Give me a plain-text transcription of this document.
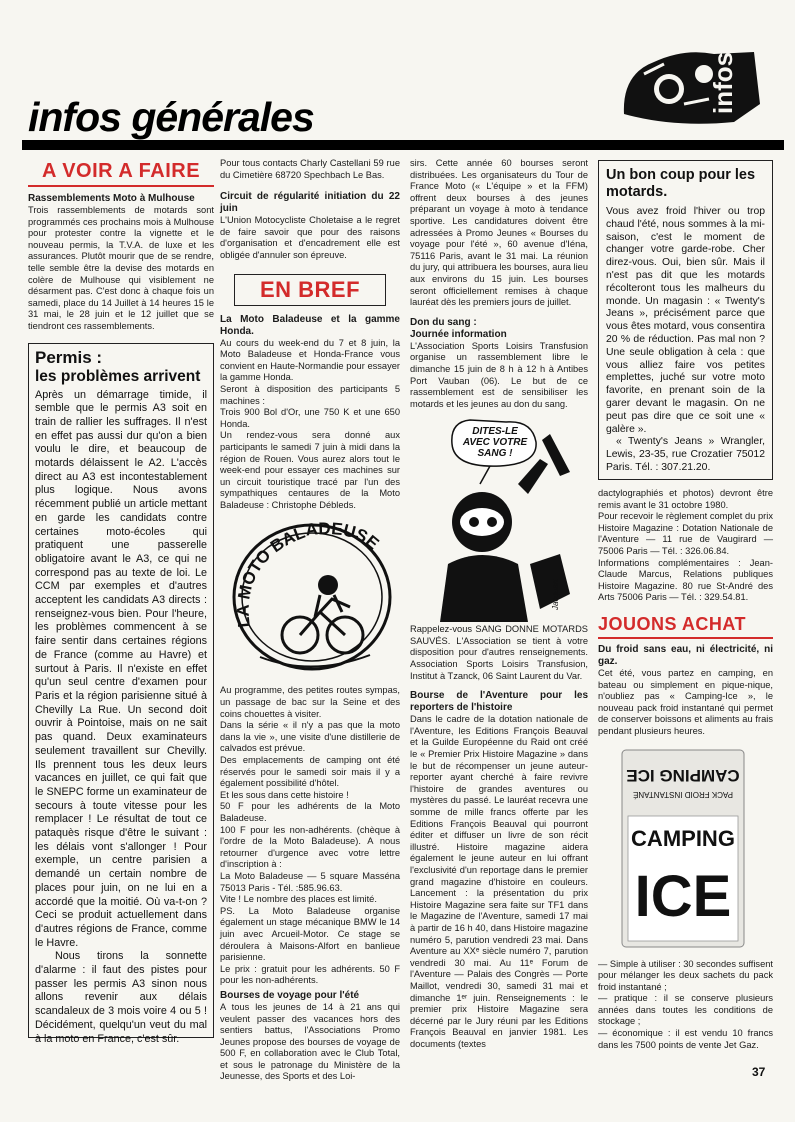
infos générales
infos
A VOIR A FAIRE
Rassemblements Moto à Mulhouse

Trois rassemblements de motards sont programmés ces prochains mois à Mulhouse pour protester contre la vignette et le nouveau permis, la T.V.A. de luxe et les assurances. Plutôt mourir que de se rendre, telle semble être la devise des motards en colère de Mulhouse qui visiblement ne désarment pas. C'est donc à chaque fois un samedi, place du 14 Juillet à 14 heures 15 le 31 mai, le 28 juin et le 12 juillet que se tiendront ces rassemblements.

Permis :
les problèmes arrivent

Après un démarrage timide, il semble que le permis A3 soit en train de rallier les suffrages. Il n'est en effet pas aussi dur qu'on a bien voulu le dire, et beaucoup de motards délaissent le A2. L'accès direct au A3 est incontestablement plus logique. Nous avons récemment publié un article mettant en garde les candidats contre certaines moto-écoles qui pratiquent une passerelle obligatoire avant le A3, ce qui ne correspond pas au texte de loi. Le CCM par exemples et d'autres acceptent les candidats A3 directs : renseignez-vous bien. Pour l'heure, les problèmes commencent à se faire sentir dans certaines régions de France (comme au Havre) et surtout à Paris. Il n'existe en effet qu'un seul centre d'examen pour Paris et la région parisienne situé à Chevilly La Rue. Un second doit ouvrir à Pointoise, mais on ne sait pas quand. Deux examinateurs seulement travaillent sur Chevilly. Ils prennent tous les deux leurs vacances en juillet, ce qui fait que le SNEPC forme un examinateur de secours à toute vitesse pour les remplacer ! Le résultat de tout ce pataquès risque d'être le suivant : les délais vont s'allonger ! Pour exemple, un centre parisien a demandé un certain nombre de places pour juin, on ne lui en a accordé que la moitié. Où va-t-on ? Ceci se produit actuellement dans d'autres régions de France, comme le Havre.

Nous tirons la sonnette d'alarme : il faut des pistes pour passer les permis A3 sinon nous allons revenir aux délais scandaleux de 3 mois voire 4 ou 5 ! Décidément, quelqu'un veut du mal à la moto en France, c'est sûr.

Pour tous contacts Charly Castellani 59 rue du Cimetière 68720 Spechbach Le Bas.

Circuit de régularité initiation du 22 juin

L'Union Motocycliste Choletaise a le regret de faire savoir que pour des raisons d'organisation et d'encadrement elle est obligée d'annuler son épreuve.

EN BREF
La Moto Baladeuse et la gamme Honda.

Au cours du week-end du 7 et 8 juin, la Moto Baladeuse et Honda-France vous convient en Haute-Normandie pour essayer la gamme Honda.

Seront à disposition des participants 5 machines :

Trois 900 Bol d'Or, une 750 K et une 650 Honda.

Un rendez-vous sera donné aux participants le samedi 7 juin à midi dans la région de Rouen. Vous aurez alors tout le week-end pour essayer ces machines sur un circuit touristique tracé par l'un des sympathiques centaures de la Moto Baladeuse : Christophe Débleds.

LA MOTO BALADEUSE

Au programme, des petites routes sympas, un passage de bac sur la Seine et des coins chouettes à visiter.

Dans la série « il n'y a pas que la moto dans la vie », une visite d'une distillerie de calvados est prévue.

Des emplacements de camping ont été réservés pour le samedi soir mais il y a également possibilité d'hôtel.

Et les sous dans cette histoire !

50 F pour les adhérents de la Moto Baladeuse.

100 F pour les non-adhérents. (chèque à l'ordre de la Moto Baladeuse). A nous retourner d'urgence avec votre lettre d'inscription à :

La Moto Baladeuse — 5 square Masséna 75013 Paris - Tél. :585.96.63.

Vite ! Le nombre des places est limité.

PS. La Moto Baladeuse organise également un stage mécanique BMW le 14 juin avec Arcueil-Motor. Ce stage se déroulera à Maisons-Alfort en banlieue parisienne.

Le prix : gratuit pour les adhérents. 50 F pour les non-adhérents.

Bourses de voyage pour l'été

A tous les jeunes de 14 à 21 ans qui veulent passer des vacances hors des sentiers battus, l'Associations Promo Jeunes propose des bourses de voyage de 500 F, en collaboration avec le Club Total, et sous le patronage du Ministère de la Jeunesse, des Sports et des Loi-

sirs. Cette année 60 bourses seront distribuées. Les organisateurs du Tour de France Moto (« L'équipe » et la FFM) offrent deux bourses à des jeunes préparant un voyage à moto à tendance sportive. Les candidatures doivent être adressées à Promo Jeunes « Bourses du voyage pour l'été », 60 avenue d'Iéna, 75116 Paris, avant le 31 mai. La réunion du jury, qui attribuera les bourses, aura lieu aux environs du 15 juin. Les bourses seront officiellement remises à chaque lauréat dès les premiers jours de juillet.

Don du sang :
Journée information

L'Association Sports Loisirs Transfusion organise un rassemblement libre le dimanche 15 juin de 8 h à 12 h à Antibes Port Vauban (06). Le but de ce rassemblement est de sensibiliser les motards et les jeunes au don du sang.

DITES-LE AVEC VOTRE SANG !
Jacquart

Rappelez-vous SANG DONNE MOTARDS SAUVÉS. L'Association se tient à votre disposition pour d'autres renseignements. Association Sports Loisirs Transfusion, Institut à Tzanck, 06 Saint Laurent du Var.

Bourse de l'Aventure pour les reporters de l'histoire

Dans le cadre de la dotation nationale de l'Aventure, les Editions François Beauval et la Guilde Européenne du Raid ont créé le « Premier Prix Histoire Magazine » dans le but de récompenser un jeune auteur-reporter ayant cherché à faire revivre l'histoire de grandes aventures ou mystères du passé. Le lauréat recevra une somme de mille francs offerte par les Editions François Beauval qui pourront éditer et diffuser un livre de son récit illustré. Histoire magazine aidera également le jeune auteur en lui offrant l'exclusivité d'un reportage dans le premier grand magazine d'histoire en couleurs. Lancement : la présentation du prix Histoire Magazine sera faite sur TF1 dans le Magazine de l'Aventure, samedi 17 mai à partir de 16 h 40, dans Histoire magazine numéro 5, parution vendredi 23 mai. Dans Aventure au XXᵉ siècle numéro 7, parution vendredi 30 mai. Au 11ᵉ Forum de l'Aventure — Palais des Congrès — Porte Maillot, vendredi 30, samedi 31 mai et dimanche 1ᵉʳ juin. Renseignements : le premier prix Histoire Magazine sera décerné par le Jury réuni par les Editions François Beauval en janvier 1981. Les documents (textes

Un bon coup pour les motards.

Vous avez froid l'hiver ou trop chaud l'été, nous sommes à la mi-saison, c'est le moment de changer votre garde-robe. Cher direz-vous. Oui, bien sûr. Mais il n'est pas dit que les motards récolteront tous les malheurs du monde. Un magasin : « Twenty's Jeans », précisément parce que vous êtes motard, vous consentira 20 % de réduction. Pas mal non ? Une seule obligation à cela : que vous alliez faire vos petites emplettes, juché sur votre moto favorite, en prenant soin de la garer devant le magasin. On ne peut pas dire que ce soit une « galère ».

« Twenty's Jeans » Wrangler, Lewis, 23-35, rue Crozatier 75012 Paris. Tél. : 307.21.20.

dactylographiés et photos) devront être remis avant le 31 octobre 1980.

Pour recevoir le règlement complet du prix Histoire Magazine : Dotation Nationale de l'Aventure — 11 rue de Vaugirard — 75006 Paris — Tél. : 326.06.84.

Informations complémentaires : Jean-Claude Marcus, Relations publiques Histoire Magazine. 80 rue St-André des Arts 75006 Paris — Tél. : 329.54.81.

JOUONS ACHAT
Du froid sans eau, ni électricité, ni gaz.

Cet été, vous partez en camping, en bateau ou simplement en pique-nique, n'oubliez pas « Camping-Ice », le nouveau pack froid instantané qui permet de conserver boissons et aliments au frais pendant plusieurs heures.

CAMPING ICE
PACK FROID INSTANTANÉ
CAMPING
ICE

— Simple à utiliser : 30 secondes suffisent pour mélanger les deux sachets du pack froid instantané ;

— pratique : il se conserve plusieurs années dans toutes les conditions de stockage ;

— économique : il est vendu 10 francs dans les 7500 points de vente Jet Gaz.

37
